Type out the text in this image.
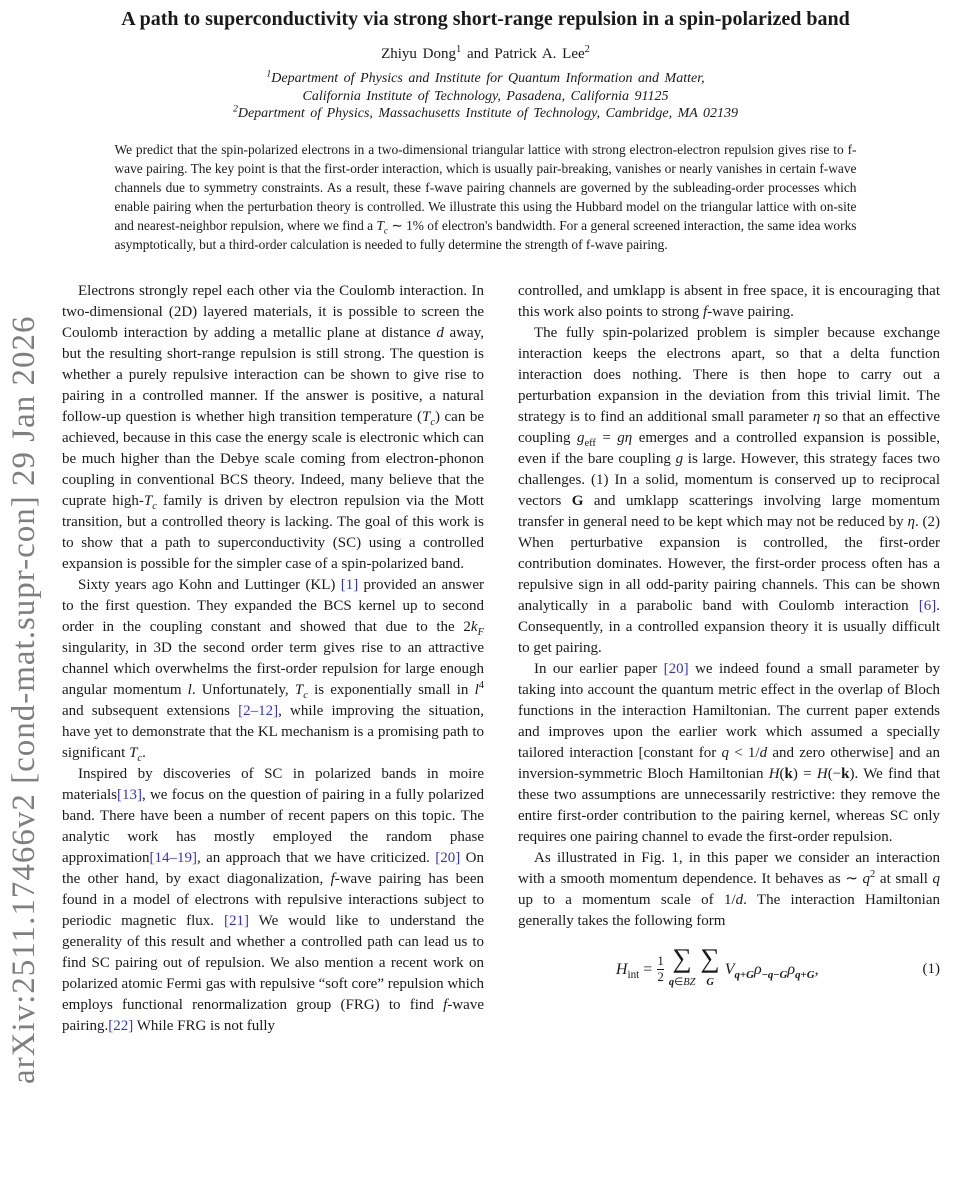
arXiv:2511.17466v2 [cond-mat.supr-con] 29 Jan 2026
A path to superconductivity via strong short-range repulsion in a spin-polarized band
Zhiyu Dong$^1$ and Patrick A. Lee$^2$
$^1$Department of Physics and Institute for Quantum Information and Matter,
California Institute of Technology, Pasadena, California 91125
$^2$Department of Physics, Massachusetts Institute of Technology, Cambridge, MA 02139
We predict that the spin-polarized electrons in a two-dimensional triangular lattice with strong electron-electron repulsion gives rise to f-wave pairing. The key point is that the first-order interaction, which is usually pair-breaking, vanishes or nearly vanishes in certain f-wave channels due to symmetry constraints. As a result, these f-wave pairing channels are governed by the subleading-order processes which enable pairing when the perturbation theory is controlled. We illustrate this using the Hubbard model on the triangular lattice with on-site and nearest-neighbor repulsion, where we find a $T_c$ ∼ 1% of electron's bandwidth. For a general screened interaction, the same idea works asymptotically, but a third-order calculation is needed to fully determine the strength of f-wave pairing.

Electrons strongly repel each other via the Coulomb interaction. In two-dimensional (2D) layered materials, it is possible to screen the Coulomb interaction by adding a metallic plane at distance d away, but the resulting short-range repulsion is still strong. The question is whether a purely repulsive interaction can be shown to give rise to pairing in a controlled manner. If the answer is positive, a natural follow-up question is whether high transition temperature $(T_c)$ can be achieved, because in this case the energy scale is electronic which can be much higher than the Debye scale coming from electron-phonon coupling in conventional BCS theory. Indeed, many believe that the cuprate high-$T_c$ family is driven by electron repulsion via the Mott transition, but a controlled theory is lacking. The goal of this work is to show that a path to superconductivity (SC) using a controlled expansion is possible for the simpler case of a spin-polarized band.

Sixty years ago Kohn and Luttinger (KL) [1] provided an answer to the first question. They expanded the BCS kernel up to second order in the coupling constant and showed that due to the $2k_F$ singularity, in 3D the second order term gives rise to an attractive channel which overwhelms the first-order repulsion for large enough angular momentum l. Unfortunately, $T_c$ is exponentially small in $l^4$ and subsequent extensions [2–12], while improving the situation, have yet to demonstrate that the KL mechanism is a promising path to significant $T_c$.

Inspired by discoveries of SC in polarized bands in moire materials[13], we focus on the question of pairing in a fully polarized band. There have been a number of recent papers on this topic. The analytic work has mostly employed the random phase approximation[14–19], an approach that we have criticized. [20] On the other hand, by exact diagonalization, f-wave pairing has been found in a model of electrons with repulsive interactions subject to periodic magnetic flux. [21] We would like to understand the generality of this result and whether a controlled path can lead us to find SC pairing out of repulsion. We also mention a recent work on polarized atomic Fermi gas with repulsive “soft core” repulsion which employs functional renormalization group (FRG) to find f-wave pairing.[22] While FRG is not fully

controlled, and umklapp is absent in free space, it is encouraging that this work also points to strong f-wave pairing.

The fully spin-polarized problem is simpler because exchange interaction keeps the electrons apart, so that a delta function interaction does nothing. There is then hope to carry out a perturbation expansion in the deviation from this trivial limit. The strategy is to find an additional small parameter η so that an effective coupling $g_{eff} = g\eta$ emerges and a controlled expansion is possible, even if the bare coupling g is large. However, this strategy faces two challenges. (1) In a solid, momentum is conserved up to reciprocal vectors G and umklapp scatterings involving large momentum transfer in general need to be kept which may not be reduced by η. (2) When perturbative expansion is controlled, the first-order contribution dominates. However, the first-order process often has a repulsive sign in all odd-parity pairing channels. This can be shown analytically in a parabolic band with Coulomb interaction [6]. Consequently, in a controlled expansion theory it is usually difficult to get pairing.

In our earlier paper [20] we indeed found a small parameter by taking into account the quantum metric effect in the overlap of Bloch functions in the interaction Hamiltonian. The current paper extends and improves upon the earlier work which assumed a specially tailored interaction [constant for q < 1/d and zero otherwise] and an inversion-symmetric Bloch Hamiltonian H(k) = H(−k). We find that these two assumptions are unnecessarily restrictive: they remove the entire first-order contribution to the pairing kernel, whereas SC only requires one pairing channel to evade the first-order repulsion.

As illustrated in Fig. 1, in this paper we consider an interaction with a smooth momentum dependence. It behaves as ∼ $q^2$ at small q up to a momentum scale of 1/d. The interaction Hamiltonian generally takes the following form

$H_{int} = \frac{1}{2}$ ∑
q∈BZ
∑
G
$V_{q+G}\rho_{-q-G}\rho_{q+G}$,	(1)
